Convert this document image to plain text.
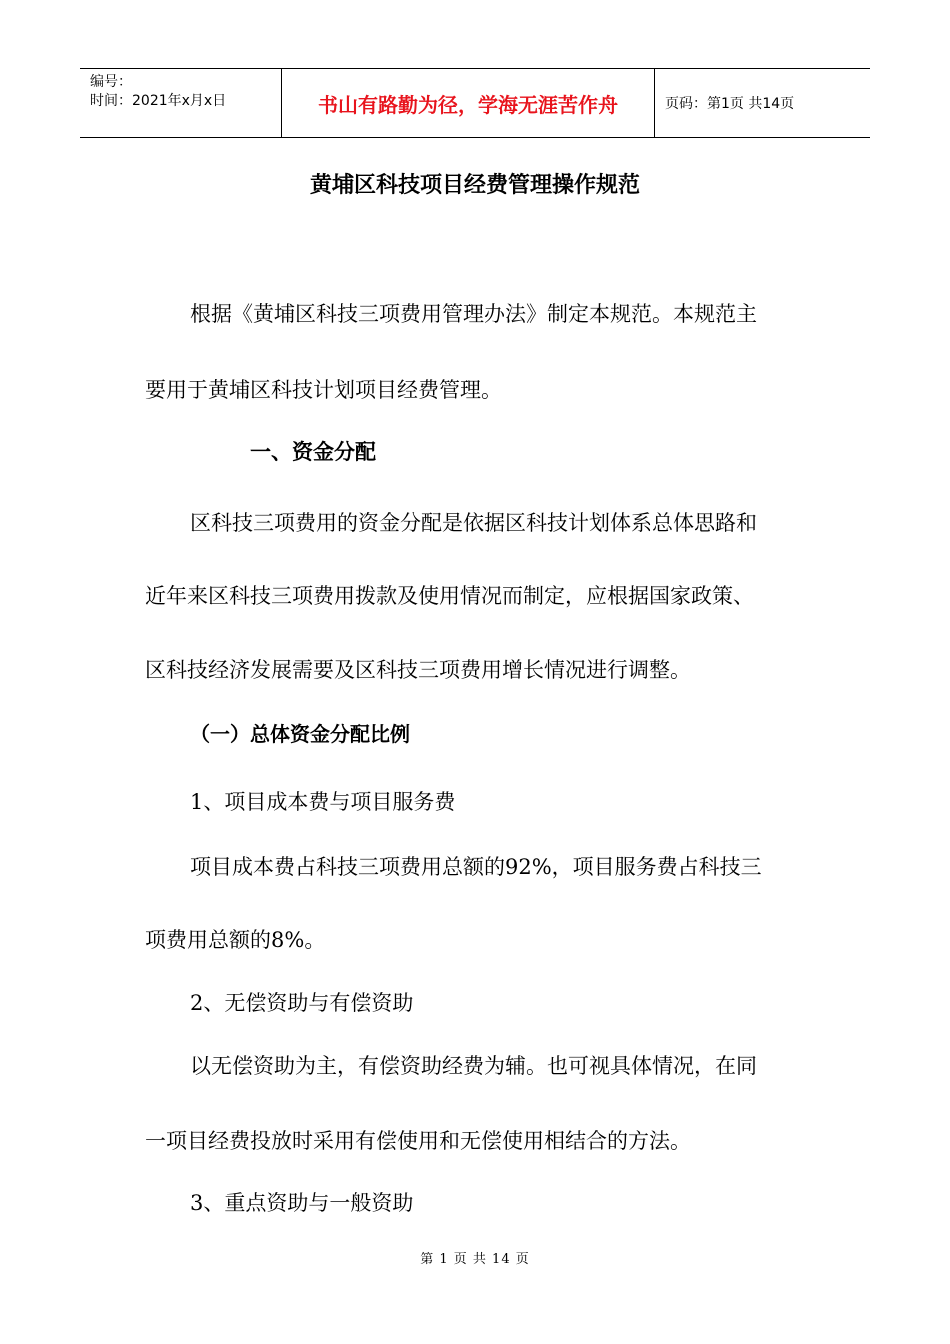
编号：
时间：2021年x月x日	书山有路勤为径，学海无涯苦作舟	页码：第1页 共14页
黄埔区科技项目经费管理操作规范
根据《黄埔区科技三项费用管理办法》制定本规范。本规范主
要用于黄埔区科技计划项目经费管理。
一、资金分配
区科技三项费用的资金分配是依据区科技计划体系总体思路和
近年来区科技三项费用拨款及使用情况而制定，应根据国家政策、
区科技经济发展需要及区科技三项费用增长情况进行调整。
（一）总体资金分配比例
1、项目成本费与项目服务费
项目成本费占科技三项费用总额的92%，项目服务费占科技三
项费用总额的8%。
2、无偿资助与有偿资助
以无偿资助为主，有偿资助经费为辅。也可视具体情况，在同
一项目经费投放时采用有偿使用和无偿使用相结合的方法。
3、重点资助与一般资助
第 1 页 共 14 页
